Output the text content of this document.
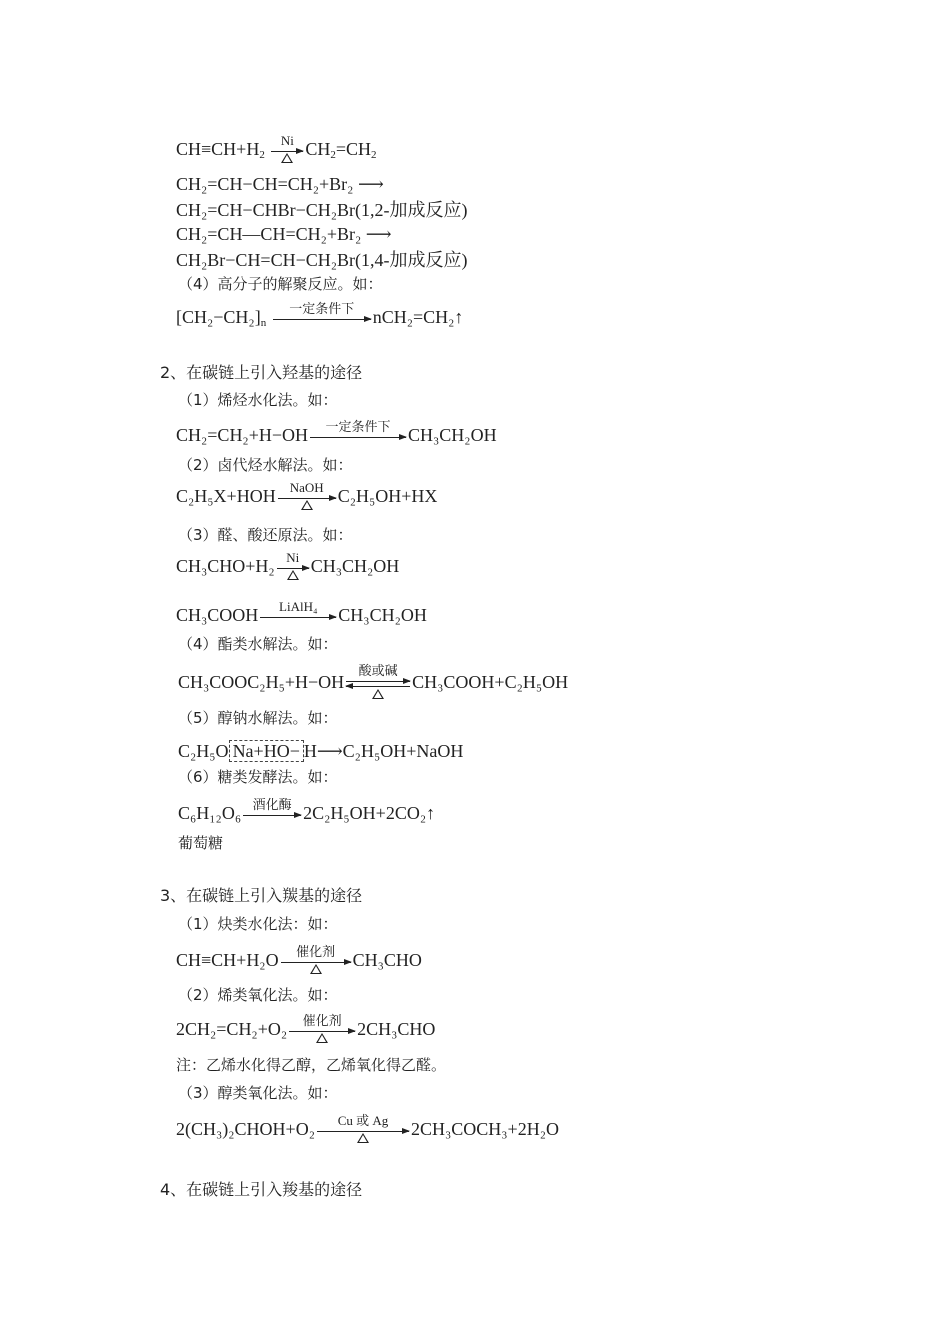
$CH\equiv CH+H_2$
Ni $CH_2=CH_2$
CH₂=CH−CH=CH₂+Br₂ ⟶
CH₂=CH−CHBr−CH₂Br(1,2-加成反应)
CH₂=CH—CH=CH₂+Br₂ ⟶
CH₂Br−CH=CH−CH₂Br(1,4-加成反应)
（4）高分子的解聚反应。如：
$[CH_2-CH_2]_n$
一定条件下	nCH₂=CH₂↑
2、在碳链上引入羟基的途径
（1）烯烃水化法。如：
CH₂=CH₂+H−OH	一定条件下 CH₃CH₂OH
（2）卤代烃水解法。如：
C₂H₅X+HOH	NaOH C₂H₅OH+HX
（3）醛、酸还原法。如：
CH₃CHO+H₂ Ni CH₃CH₂OH
CH₃COOH	LiAlH₄	CH₃CH₂OH
（4）酯类水解法。如：
CH₃COOC₂H₅+H−OH
酸或碱
CH₃COOH+C₂H₅OH
（5）醇钠水解法。如：
C₂H₅O Na+HO− H⟶C₂H₅OH+NaOH
（6）糖类发酵法。如：
C₆H₁₂O₆ 酒化酶 2C₂H₅OH+2CO₂↑
葡萄糖
3、在碳链上引入羰基的途径
（1）炔类水化法：如：
CH≡CH+H₂O	催化剂 CH₃CHO
（2）烯类氧化法。如：
2CH₂=CH₂+O₂	催化剂 2CH₃CHO
注：乙烯水化得乙醇，乙烯氧化得乙醛。
（3）醇类氧化法。如：
2(CH₃)₂CHOH+O₂	Cu 或 Ag	2CH₃COCH₃+2H₂O
4、在碳链上引入羧基的途径
